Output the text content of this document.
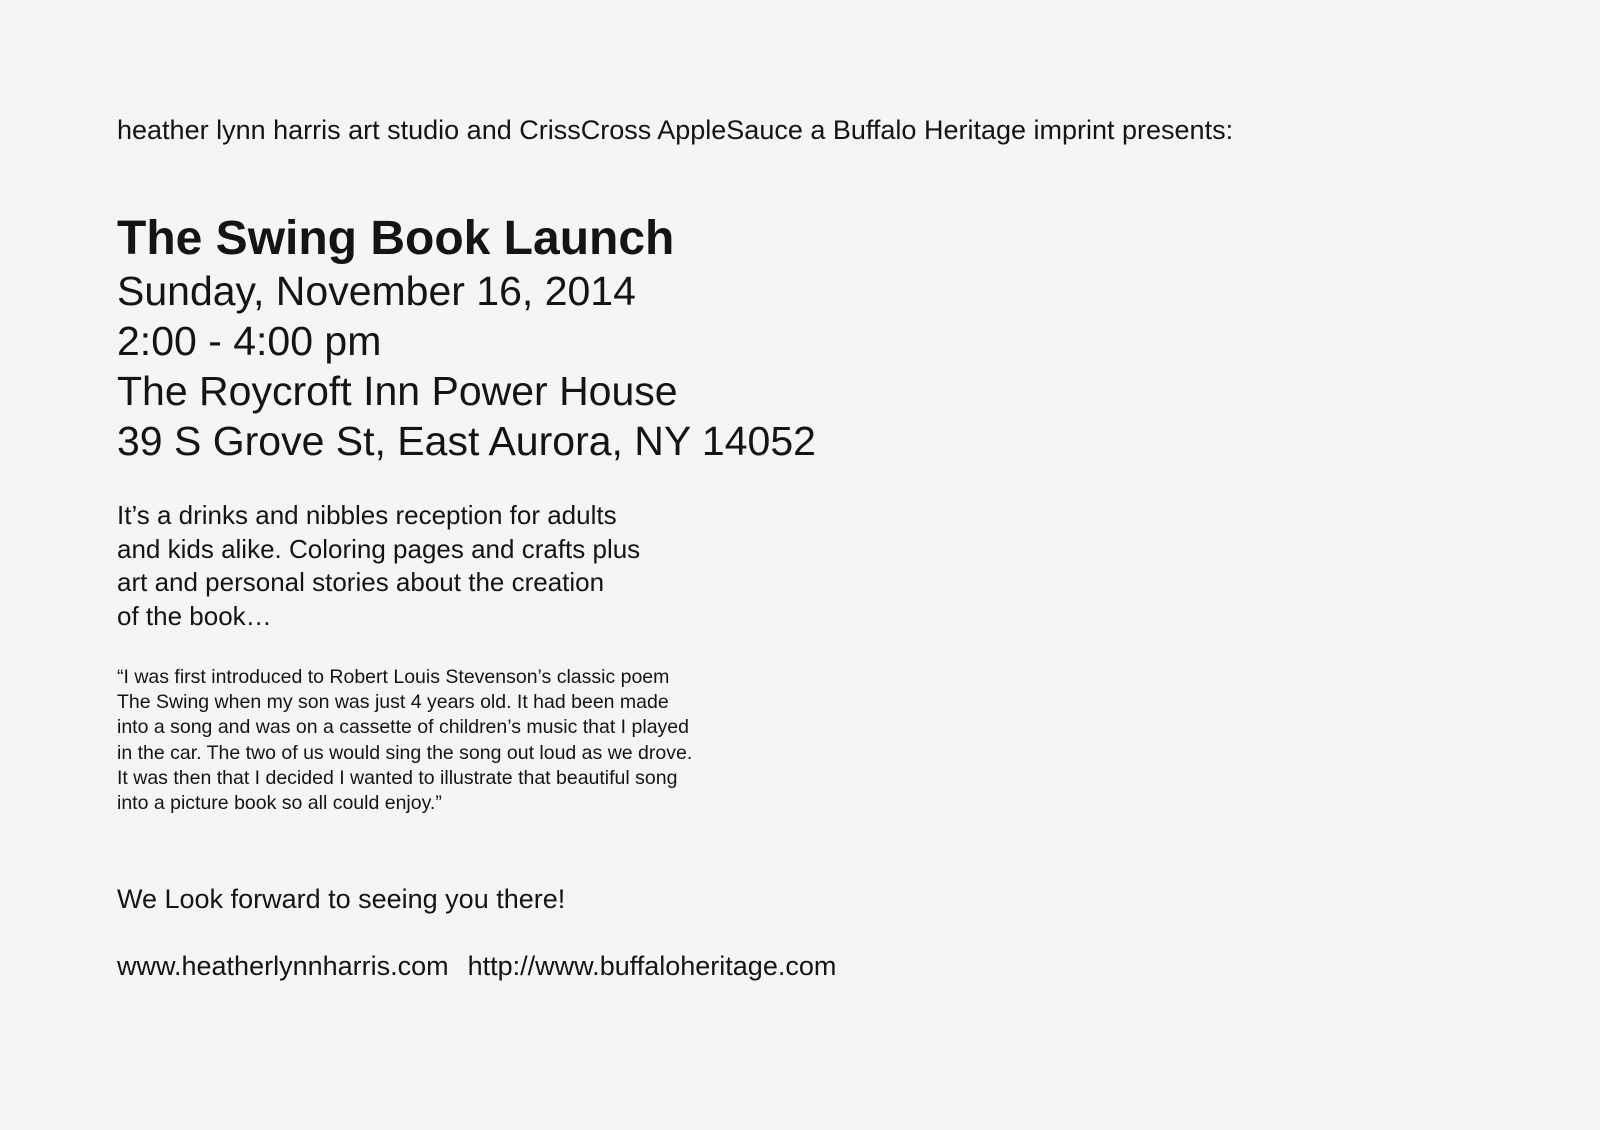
heather lynn harris art studio and CrissCross AppleSauce a Buffalo Heritage imprint presents:
The Swing Book Launch
Sunday, November 16, 2014
2:00 - 4:00 pm
The Roycroft Inn Power House
39 S Grove St, East Aurora, NY 14052
It’s a drinks and nibbles reception for adults
and kids alike. Coloring pages and crafts plus
art and personal stories about the creation
of the book…
“I was first introduced to Robert Louis Stevenson’s classic poem
The Swing when my son was just 4 years old. It had been made
into a song and was on a cassette of children’s music that I played
in the car. The two of us would sing the song out loud as we drove.
It was then that I decided I wanted to illustrate that beautiful song
into a picture book so all could enjoy.”
We Look forward to seeing you there!
www.heatherlynnharris.com http://www.buffaloheritage.com
